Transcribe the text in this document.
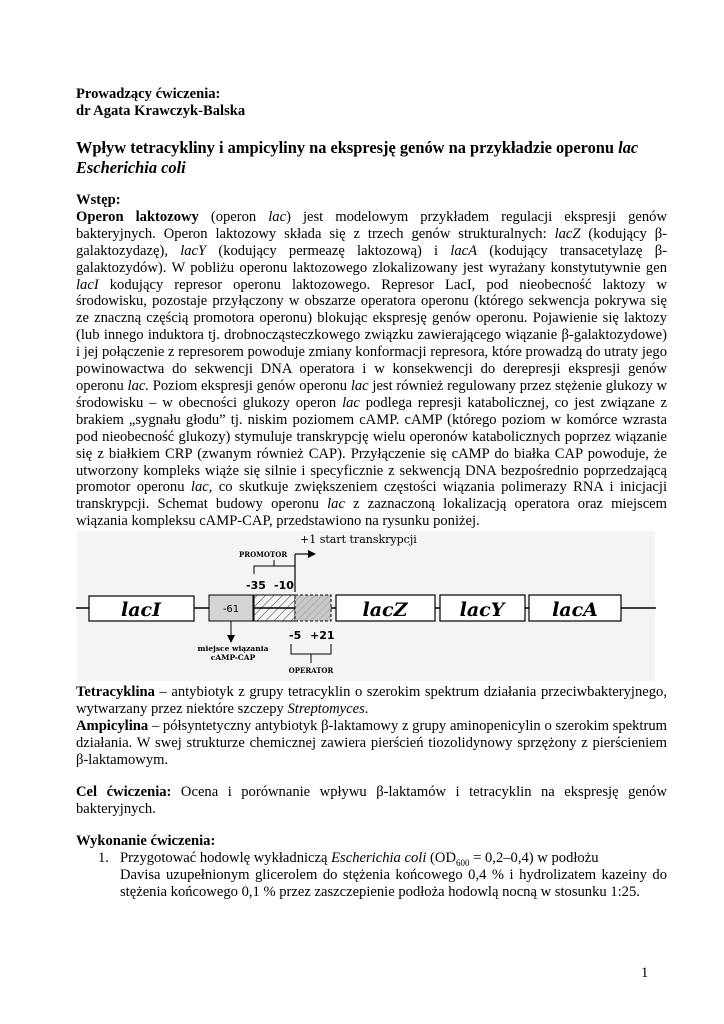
Prowadzący ćwiczenia:
dr Agata Krawczyk-Balska
Wpływ tetracykliny i ampicyliny na ekspresję genów na przykładzie operonu lac
Escherichia coli
Wstęp:

Operon laktozowy (operon lac) jest modelowym przykładem regulacji ekspresji genów bakteryjnych. Operon laktozowy składa się z trzech genów strukturalnych: lacZ (kodujący β-galaktozydazę), lacY (kodujący permeazę laktozową) i lacA (kodujący transacetylazę β-galaktozydów). W pobliżu operonu laktozowego zlokalizowany jest wyrażany konstytutywnie gen lacI kodujący represor operonu laktozowego. Represor LacI, pod nieobecność laktozy w środowisku, pozostaje przyłączony w obszarze operatora operonu (którego sekwencja pokrywa się ze znaczną częścią promotora operonu) blokując ekspresję genów operonu. Pojawienie się laktozy (lub innego induktora tj. drobnocząsteczkowego związku zawierającego wiązanie β-galaktozydowe) i jej połączenie z represorem powoduje zmiany konformacji represora, które prowadzą do utraty jego powinowactwa do sekwencji DNA operatora i w konsekwencji do derepresji ekspresji genów operonu lac. Poziom ekspresji genów operonu lac jest również regulowany przez stężenie glukozy w środowisku – w obecności glukozy operon lac podlega represji katabolicznej, co jest związane z brakiem „sygnału głodu” tj. niskim poziomem cAMP. cAMP (którego poziom w komórce wzrasta pod nieobecność glukozy) stymuluje transkrypcję wielu operonów katabolicznych poprzez wiązanie się z białkiem CRP (zwanym również CAP). Przyłączenie się cAMP do białka CAP powoduje, że utworzony kompleks wiąże się silnie i specyficznie z sekwencją DNA bezpośrednio poprzedzającą promotor operonu lac, co skutkuje zwiększeniem częstości wiązania polimerazy RNA i inicjacji transkrypcji. Schemat budowy operonu lac z zaznaczoną lokalizacją operatora oraz miejscem wiązania kompleksu cAMP-CAP, przedstawiono na rysunku poniżej.

+1 start transkrypcji
PROMOTOR
-35 -10
lacI	-61	lacZ	lacY	lacA
-5 +21
miejsce wiązania
cAMP-CAP
OPERATOR

Tetracyklina – antybiotyk z grupy tetracyklin o szerokim spektrum działania przeciwbakteryjnego, wytwarzany przez niektóre szczepy Streptomyces.

Ampicylina – półsyntetyczny antybiotyk β-laktamowy z grupy aminopenicylin o szerokim spektrum działania. W swej strukturze chemicznej zawiera pierścień tiozolidynowy sprzężony z pierścieniem β-laktamowym.

Cel ćwiczenia: Ocena i porównanie wpływu β-laktamów i tetracyklin na ekspresję genów bakteryjnych.

Wykonanie ćwiczenia:
1. Przygotować hodowlę wykładniczą Escherichia coli $(OD_{600} = 0,2-0,4)$ w podłożu
Davisa uzupełnionym glicerolem do stężenia końcowego 0,4 % i hydrolizatem kazeiny do stężenia końcowego 0,1 % przez zaszczepienie podłoża hodowlą nocną w stosunku 1:25.

1
